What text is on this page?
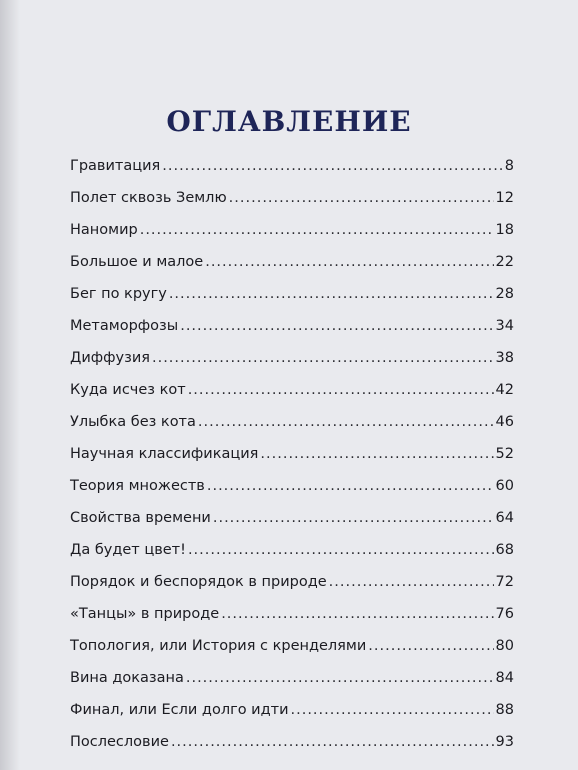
ОГЛАВЛЕНИЕ
Гравитация .....	8
Полет сквозь Землю .....	12
Наномир .....	18
Большое и малое .....	22
Бег по кругу .....	28
Метаморфозы .....	34
Диффузия .....	38
Куда исчез кот .....	42
Улыбка без кота .....	46
Научная классификация .....	52
Теория множеств .....	60
Свойства времени .....	64
Да будет цвет! .....	68
Порядок и беспорядок в природе .....	72
«Танцы» в природе .....	76
Топология, или История с кренделями .....	80
Вина доказана .....	84
Финал, или Если долго идти .....	88
Послесловие .....	93
